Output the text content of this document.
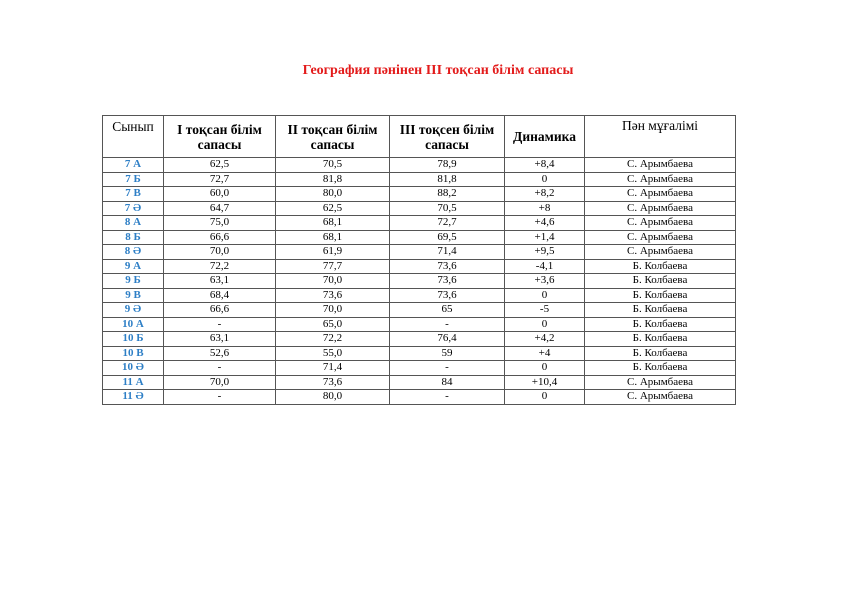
География пәнінен III тоқсан білім сапасы
Сынып	I тоқсан білім сапасы	II тоқсан білім сапасы	III тоқсен білім сапасы	Динамика	Пән мұғалімі
7 А	62,5	70,5	78,9	+8,4	С. Арымбаева
7 Б	72,7	81,8	81,8	0	С. Арымбаева
7 В	60,0	80,0	88,2	+8,2	С. Арымбаева
7 Ә	64,7	62,5	70,5	+8	С. Арымбаева
8 А	75,0	68,1	72,7	+4,6	С. Арымбаева
8 Б	66,6	68,1	69,5	+1,4	С. Арымбаева
8 Ә	70,0	61,9	71,4	+9,5	С. Арымбаева
9 А	72,2	77,7	73,6	-4,1	Б. Колбаева
9 Б	63,1	70,0	73,6	+3,6	Б. Колбаева
9 В	68,4	73,6	73,6	0	Б. Колбаева
9 Ә	66,6	70,0	65	-5	Б. Колбаева
10 А	-	65,0	-	0	Б. Колбаева
10 Б	63,1	72,2	76,4	+4,2	Б. Колбаева
10 В	52,6	55,0	59	+4	Б. Колбаева
10 Ә	-	71,4	-	0	Б. Колбаева
11 А	70,0	73,6	84	+10,4	С. Арымбаева
11 Ә	-	80,0	-	0	С. Арымбаева
